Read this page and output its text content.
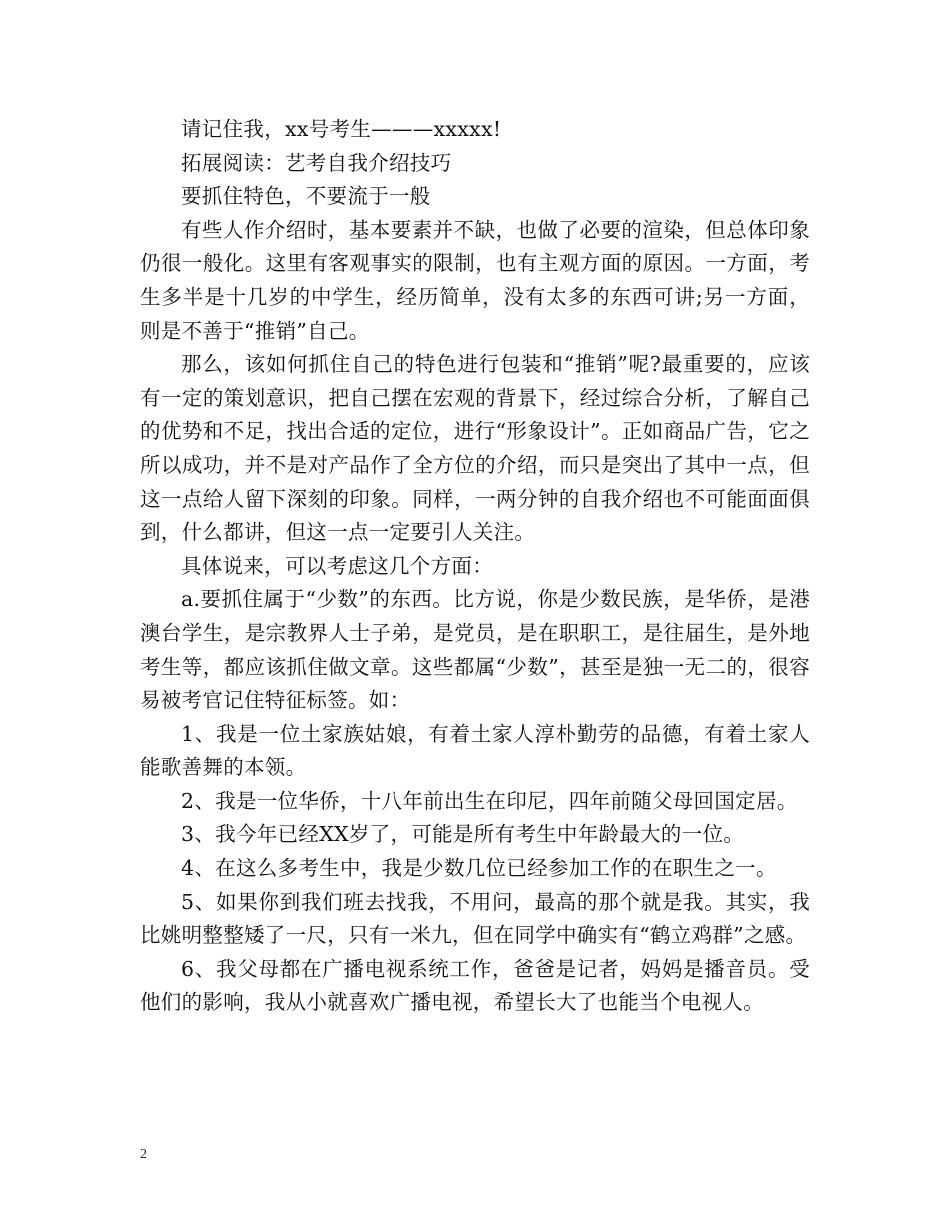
请记住我，xx号考生———xxxxx!

拓展阅读：艺考自我介绍技巧

要抓住特色，不要流于一般

有些人作介绍时，基本要素并不缺，也做了必要的渲染，但总体印象仍很一般化。这里有客观事实的限制，也有主观方面的原因。一方面，考生多半是十几岁的中学生，经历简单，没有太多的东西可讲;另一方面，则是不善于“推销”自己。

那么，该如何抓住自己的特色进行包装和“推销”呢?最重要的，应该有一定的策划意识，把自己摆在宏观的背景下，经过综合分析，了解自己的优势和不足，找出合适的定位，进行“形象设计”。正如商品广告，它之所以成功，并不是对产品作了全方位的介绍，而只是突出了其中一点，但这一点给人留下深刻的印象。同样，一两分钟的自我介绍也不可能面面俱到，什么都讲，但这一点一定要引人关注。

具体说来，可以考虑这几个方面：

a.要抓住属于“少数”的东西。比方说，你是少数民族，是华侨，是港澳台学生，是宗教界人士子弟，是党员，是在职职工，是往届生，是外地考生等，都应该抓住做文章。这些都属“少数”，甚至是独一无二的，很容易被考官记住特征标签。如：

1、我是一位土家族姑娘，有着土家人淳朴勤劳的品德，有着土家人能歌善舞的本领。

2、我是一位华侨，十八年前出生在印尼，四年前随父母回国定居。

3、我今年已经XX岁了，可能是所有考生中年龄最大的一位。

4、在这么多考生中，我是少数几位已经参加工作的在职生之一。

5、如果你到我们班去找我，不用问，最高的那个就是我。其实，我比姚明整整矮了一尺，只有一米九，但在同学中确实有“鹤立鸡群”之感。

6、我父母都在广播电视系统工作，爸爸是记者，妈妈是播音员。受他们的影响，我从小就喜欢广播电视，希望长大了也能当个电视人。

2
